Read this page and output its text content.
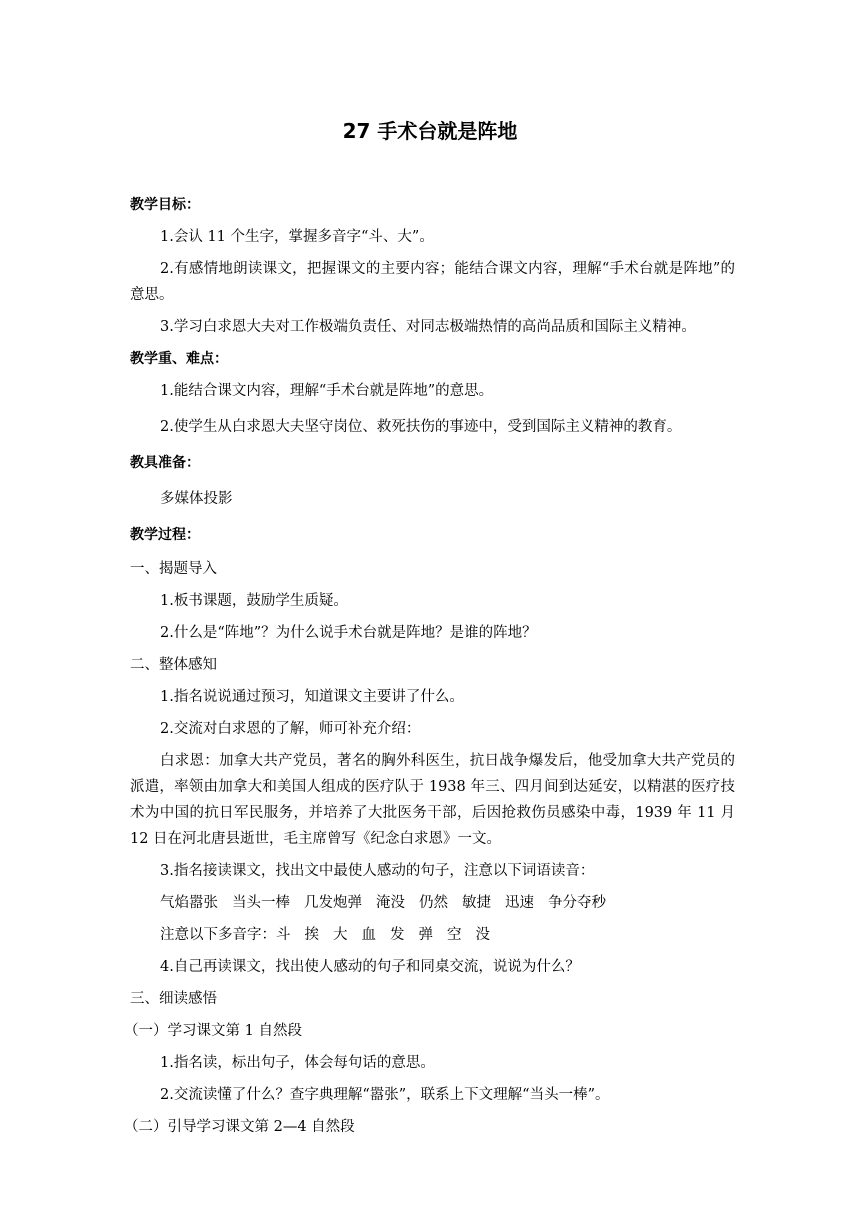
27 手术台就是阵地

教学目标：

1.会认 11 个生字，掌握多音字“斗、大”。

2.有感情地朗读课文，把握课文的主要内容；能结合课文内容，理解“手术台就是阵地”的意思。

3.学习白求恩大夫对工作极端负责任、对同志极端热情的高尚品质和国际主义精神。

教学重、难点：

1.能结合课文内容，理解“手术台就是阵地”的意思。

2.使学生从白求恩大夫坚守岗位、救死扶伤的事迹中，受到国际主义精神的教育。

教具准备：

多媒体投影

教学过程：

一、揭题导入

1.板书课题，鼓励学生质疑。

2.什么是“阵地”？为什么说手术台就是阵地？是谁的阵地？

二、整体感知

1.指名说说通过预习，知道课文主要讲了什么。

2.交流对白求恩的了解，师可补充介绍：

白求恩：加拿大共产党员，著名的胸外科医生，抗日战争爆发后，他受加拿大共产党员的派遣，率领由加拿大和美国人组成的医疗队于 1938 年三、四月间到达延安，以精湛的医疗技术为中国的抗日军民服务，并培养了大批医务干部，后因抢救伤员感染中毒，1939 年 11 月 12 日在河北唐县逝世，毛主席曾写《纪念白求恩》一文。

3.指名接读课文，找出文中最使人感动的句子，注意以下词语读音：

气焰嚣张 当头一棒 几发炮弹 淹没 仍然 敏捷 迅速 争分夺秒

注意以下多音字：斗 挨 大 血 发 弹 空 没

4.自己再读课文，找出使人感动的句子和同桌交流，说说为什么？

三、细读感悟

（一）学习课文第 1 自然段

1.指名读，标出句子，体会每句话的意思。

2.交流读懂了什么？查字典理解“嚣张”，联系上下文理解“当头一棒”。

（二）引导学习课文第 2—4 自然段
